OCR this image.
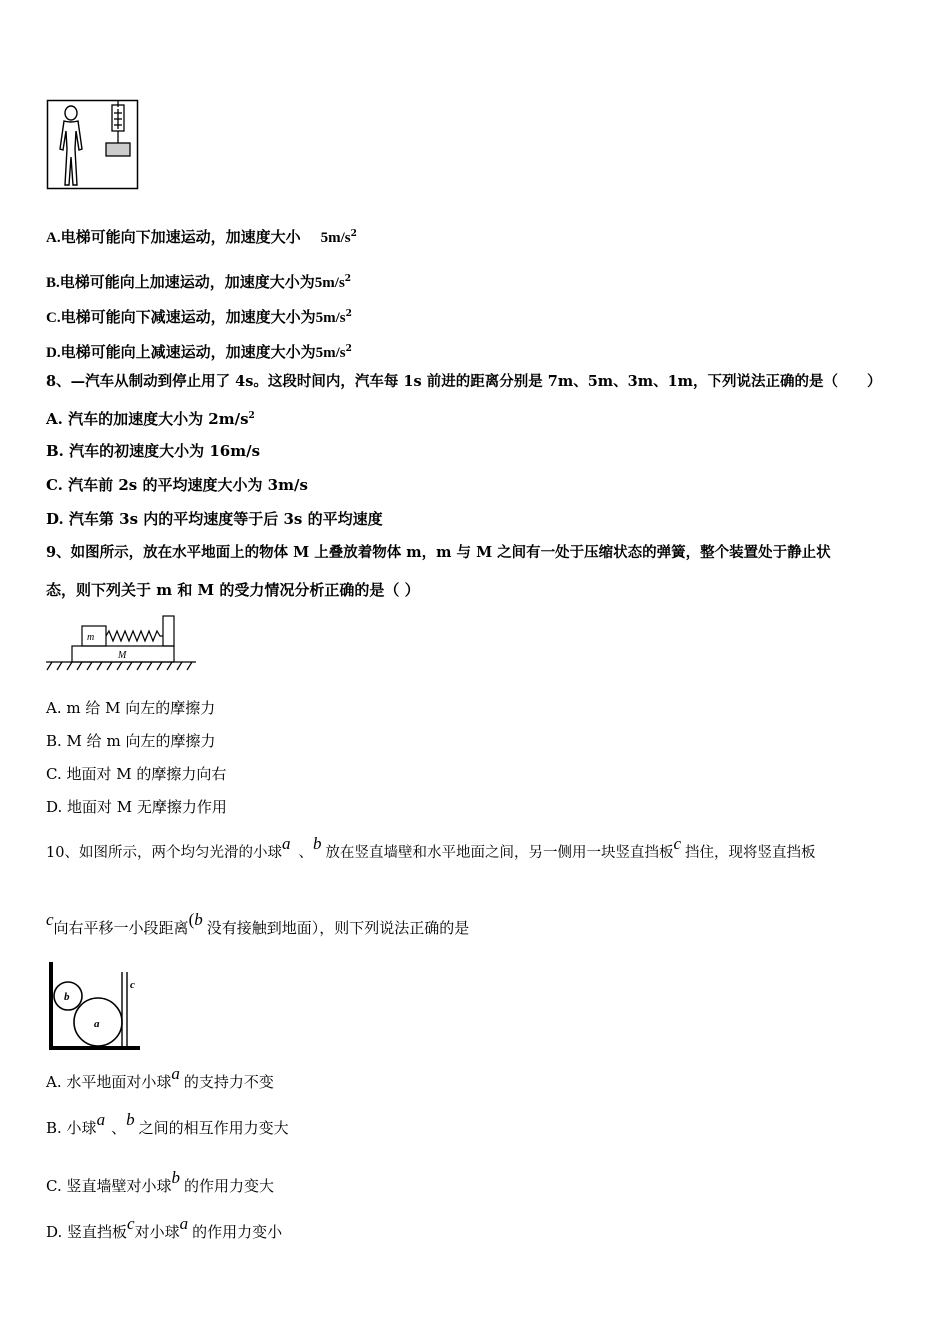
A.电梯可能向下加速运动，加速度大小 $5m/s^2$
B.电梯可能向上加速运动，加速度大小为$5m/s^2$
C.电梯可能向下减速运动，加速度大小为$5m/s^2$
D.电梯可能向上减速运动，加速度大小为$5m/s^2$
8、—汽车从制动到停止用了 4s。这段时间内，汽车每 1s 前进的距离分别是 7m、5m、3m、1m，下列说法正确的是（　　）
A. 汽车的加速度大小为 $2m/s^2$
B. 汽车的初速度大小为 16m/s
C. 汽车前 2s 的平均速度大小为 3m/s
D. 汽车第 3s 内的平均速度等于后 3s 的平均速度
9、如图所示，放在水平地面上的物体 M 上叠放着物体 m，m 与 M 之间有一处于压缩状态的弹簧，整个装置处于静止状
态，则下列关于 m 和 M 的受力情况分析正确的是（ ）
m
M
A. m 给 M 向左的摩擦力
B. M 给 m 向左的摩擦力
C. 地面对 M 的摩擦力向右
D. 地面对 M 无摩擦力作用
10、如图所示，两个均匀光滑的小球a 、b 放在竖直墙壁和水平地面之间，另一侧用一块竖直挡板c 挡住，现将竖直挡板
c向右平移一小段距离(b 没有接触到地面），则下列说法正确的是
a
b
c
A. 水平地面对小球a 的支持力不变
B. 小球a 、b 之间的相互作用力变大
C. 竖直墙壁对小球b 的作用力变大
D. 竖直挡板c对小球a 的作用力变小
